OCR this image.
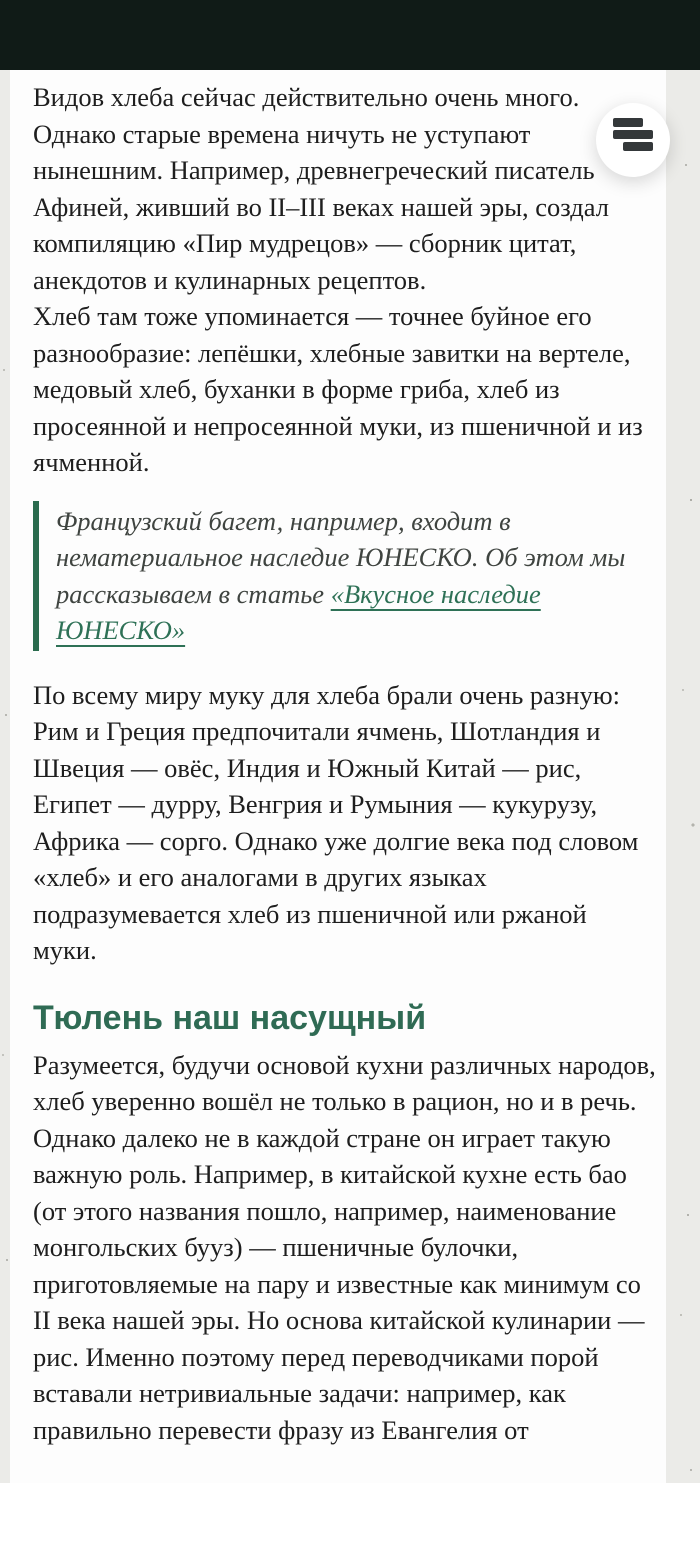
Видов хлеба сейчас действительно очень много. Однако старые времена ничуть не уступают нынешним. Например, древнегреческий писатель Афиней, живший во II–III веках нашей эры, создал компиляцию «Пир мудрецов» — сборник цитат, анекдотов и кулинарных рецептов.

Хлеб там тоже упоминается — точнее буйное его разнообразие: лепёшки, хлебные завитки на вертеле, медовый хлеб, буханки в форме гриба, хлеб из просеянной и непросеянной муки, из пшеничной и из ячменной.

Французский багет, например, входит в нематериальное наследие ЮНЕСКО. Об этом мы рассказываем в статье «Вкусное наследие ЮНЕСКО»

По всему миру муку для хлеба брали очень разную: Рим и Греция предпочитали ячмень, Шотландия и Швеция — овёс, Индия и Южный Китай — рис, Египет — дурру, Венгрия и Румыния — кукурузу, Африка — сорго. Однако уже долгие века под словом «хлеб» и его аналогами в других языках подразумевается хлеб из пшеничной или ржаной муки.

Тюлень наш насущный

Разумеется, будучи основой кухни различных народов, хлеб уверенно вошёл не только в рацион, но и в речь. Однако далеко не в каждой стране он играет такую важную роль. Например, в китайской кухне есть бао (от этого названия пошло, например, наименование монгольских бууз) — пшеничные булочки, приготовляемые на пару и известные как минимум со II века нашей эры. Но основа китайской кулинарии — рис. Именно поэтому перед переводчиками порой вставали нетривиальные задачи: например, как правильно перевести фразу из Евангелия от
